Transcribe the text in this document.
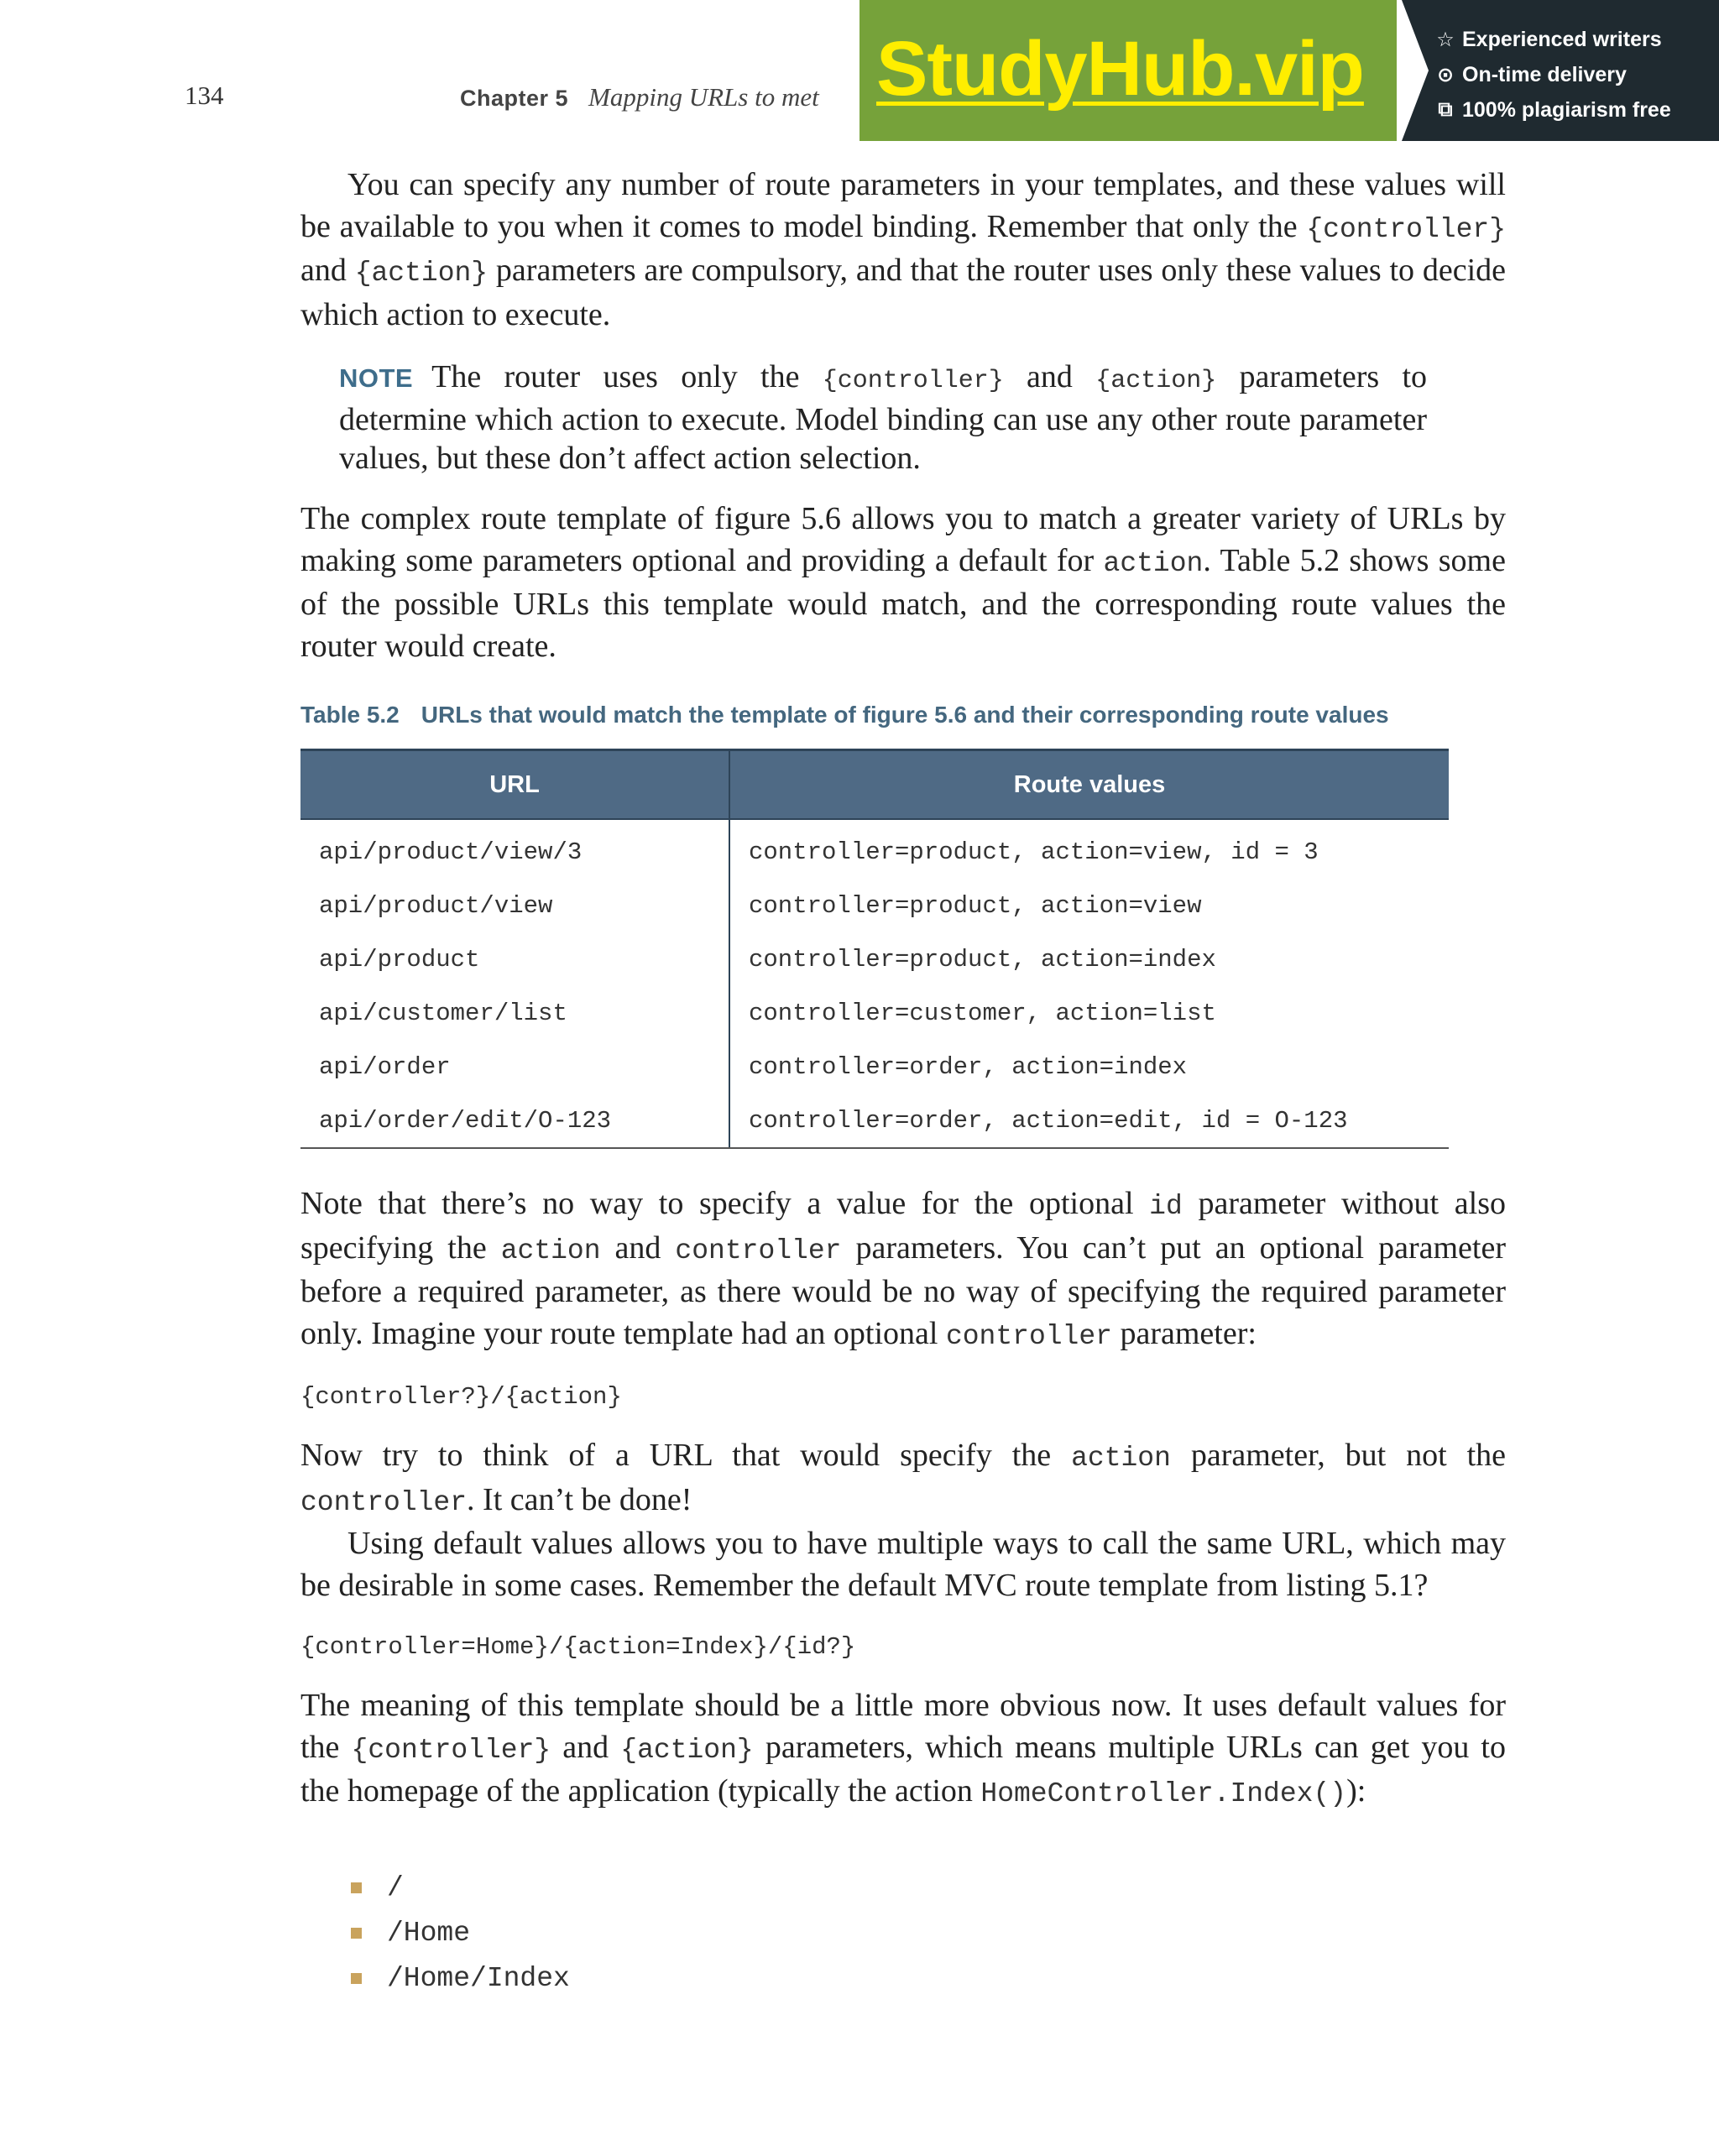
134	Chapter 5 Mapping URLs to met StudyHub.vip	☆ Experienced writers
⊙ On-time delivery
⧉ 100% plagiarism free

You can specify any number of route parameters in your templates, and these values will be available to you when it comes to model binding. Remember that only the {controller} and {action} parameters are compulsory, and that the router uses only these values to decide which action to execute.

NOTE The router uses only the {controller} and {action} parameters to determine which action to execute. Model binding can use any other route parameter values, but these don’t affect action selection.

The complex route template of figure 5.6 allows you to match a greater variety of URLs by making some parameters optional and providing a default for action. Table 5.2 shows some of the possible URLs this template would match, and the corresponding route values the router would create.

Table 5.2 URLs that would match the template of figure 5.6 and their corresponding route values
URL	Route values
api/product/view/3	controller=product, action=view, id = 3
api/product/view	controller=product, action=view
api/product	controller=product, action=index
api/customer/list	controller=customer, action=list
api/order	controller=order, action=index
api/order/edit/O-123	controller=order, action=edit, id = O-123

Note that there’s no way to specify a value for the optional id parameter without also specifying the action and controller parameters. You can’t put an optional parameter before a required parameter, as there would be no way of specifying the required parameter only. Imagine your route template had an optional controller parameter:

{controller?}/{action}

Now try to think of a URL that would specify the action parameter, but not the controller. It can’t be done!

Using default values allows you to have multiple ways to call the same URL, which may be desirable in some cases. Remember the default MVC route template from listing 5.1?

{controller=Home}/{action=Index}/{id?}

The meaning of this template should be a little more obvious now. It uses default values for the {controller} and {action} parameters, which means multiple URLs can get you to the homepage of the application (typically the action HomeController.Index()):

/
/Home
/Home/Index
